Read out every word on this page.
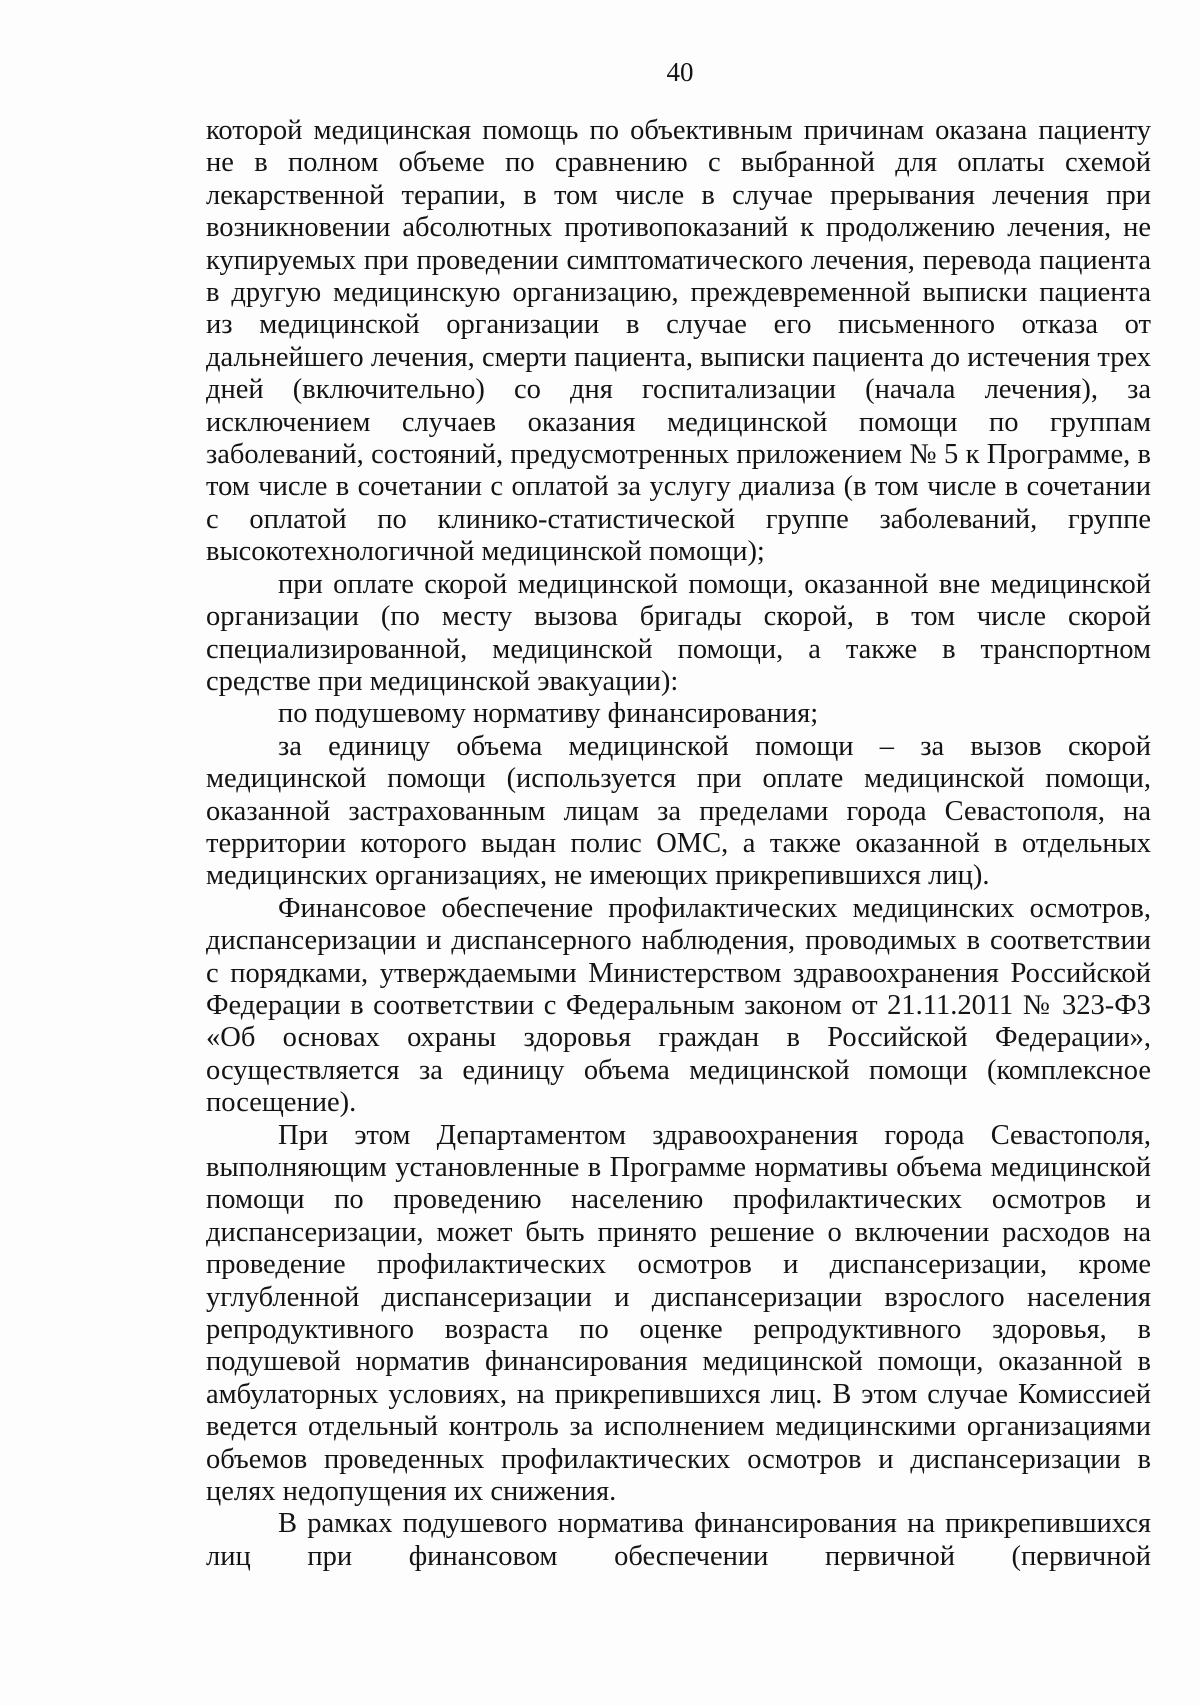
40

которой медицинская помощь по объективным причинам оказана пациенту не в полном объеме по сравнению с выбранной для оплаты схемой лекарственной терапии, в том числе в случае прерывания лечения при возникновении абсолютных противопоказаний к продолжению лечения, не купируемых при проведении симптоматического лечения, перевода пациента в другую медицинскую организацию, преждевременной выписки пациента из медицинской организации в случае его письменного отказа от дальнейшего лечения, смерти пациента, выписки пациента до истечения трех дней (включительно) со дня госпитализации (начала лечения), за исключением случаев оказания медицинской помощи по группам заболеваний, состояний, предусмотренных приложением № 5 к Программе, в том числе в сочетании с оплатой за услугу диализа (в том числе в сочетании с оплатой по клинико-статистической группе заболеваний, группе высокотехнологичной медицинской помощи);

при оплате скорой медицинской помощи, оказанной вне медицинской организации (по месту вызова бригады скорой, в том числе скорой специализированной, медицинской помощи, а также в транспортном средстве при медицинской эвакуации):

по подушевому нормативу финансирования;

за единицу объема медицинской помощи – за вызов скорой медицинской помощи (используется при оплате медицинской помощи, оказанной застрахованным лицам за пределами города Севастополя, на территории которого выдан полис ОМС, а также оказанной в отдельных медицинских организациях, не имеющих прикрепившихся лиц).

Финансовое обеспечение профилактических медицинских осмотров, диспансеризации и диспансерного наблюдения, проводимых в соответствии с порядками, утверждаемыми Министерством здравоохранения Российской Федерации в соответствии с Федеральным законом от 21.11.2011 № 323-ФЗ «Об основах охраны здоровья граждан в Российской Федерации», осуществляется за единицу объема медицинской помощи (комплексное посещение).

При этом Департаментом здравоохранения города Севастополя, выполняющим установленные в Программе нормативы объема медицинской помощи по проведению населению профилактических осмотров и диспансеризации, может быть принято решение о включении расходов на проведение профилактических осмотров и диспансеризации, кроме углубленной диспансеризации и диспансеризации взрослого населения репродуктивного возраста по оценке репродуктивного здоровья, в подушевой норматив финансирования медицинской помощи, оказанной в амбулаторных условиях, на прикрепившихся лиц. В этом случае Комиссией ведется отдельный контроль за исполнением медицинскими организациями объемов проведенных профилактических осмотров и диспансеризации в целях недопущения их снижения.

В рамках подушевого норматива финансирования на прикрепившихся лиц при финансовом обеспечении первичной (первичной
